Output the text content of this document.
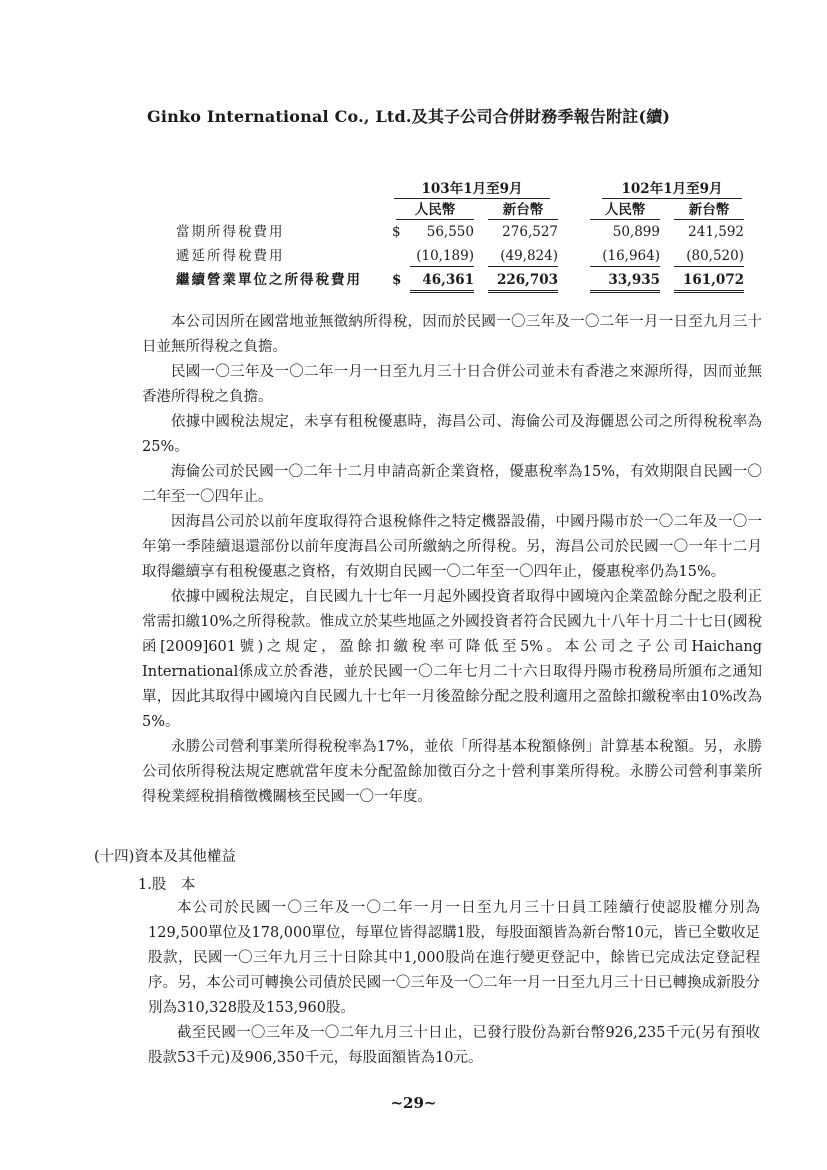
Ginko International Co., Ltd.及其子公司合併財務季報告附註(續)
103年1月至9月	102年1月至9月
人民幣	新台幣	人民幣	新台幣
當期所得稅費用	$	56,550	276,527	50,899	241,592
遞延所得稅費用	(10,189)	(49,824)	(16,964)	(80,520)
繼續營業單位之所得稅費用 $	46,361	226,703	33,935	161,072

本公司因所在國當地並無徵納所得稅，因而於民國一〇三年及一〇二年一月一日至九月三十日並無所得稅之負擔。

民國一〇三年及一〇二年一月一日至九月三十日合併公司並未有香港之來源所得，因而並無香港所得稅之負擔。

依據中國稅法規定，未享有租稅優惠時，海昌公司、海倫公司及海儷恩公司之所得稅稅率為25%。

海倫公司於民國一〇二年十二月申請高新企業資格，優惠稅率為15%，有效期限自民國一〇二年至一〇四年止。

因海昌公司於以前年度取得符合退稅條件之特定機器設備，中國丹陽市於一〇二年及一〇一年第一季陸續退還部份以前年度海昌公司所繳納之所得稅。另，海昌公司於民國一〇一年十二月取得繼續享有租稅優惠之資格，有效期自民國一〇二年至一〇四年止，優惠稅率仍為15%。

依據中國稅法規定，自民國九十七年一月起外國投資者取得中國境內企業盈餘分配之股利正常需扣繳10%之所得稅款。惟成立於某些地區之外國投資者符合民國九十八年十月二十七日(國稅函[2009]601號)之規定，盈餘扣繳稅率可降低至5%。本公司之子公司Haichang International係成立於香港，並於民國一〇二年七月二十六日取得丹陽市稅務局所頒布之通知單，因此其取得中國境內自民國九十七年一月後盈餘分配之股利適用之盈餘扣繳稅率由10%改為5%。

永勝公司營利事業所得稅稅率為17%，並依「所得基本稅額條例」計算基本稅額。另，永勝公司依所得稅法規定應就當年度未分配盈餘加徵百分之十營利事業所得稅。永勝公司營利事業所得稅業經稅捐稽徵機關核至民國一〇一年度。

(十四)資本及其他權益
1.股　本

本公司於民國一〇三年及一〇二年一月一日至九月三十日員工陸續行使認股權分別為129,500單位及178,000單位，每單位皆得認購1股，每股面額皆為新台幣10元，皆已全數收足股款，民國一〇三年九月三十日除其中1,000股尚在進行變更登記中，餘皆已完成法定登記程序。另，本公司可轉換公司債於民國一〇三年及一〇二年一月一日至九月三十日已轉換成新股分別為310,328股及153,960股。

截至民國一〇三年及一〇二年九月三十日止，已發行股份為新台幣926,235千元(另有預收股款53千元)及906,350千元，每股面額皆為10元。

~29~
